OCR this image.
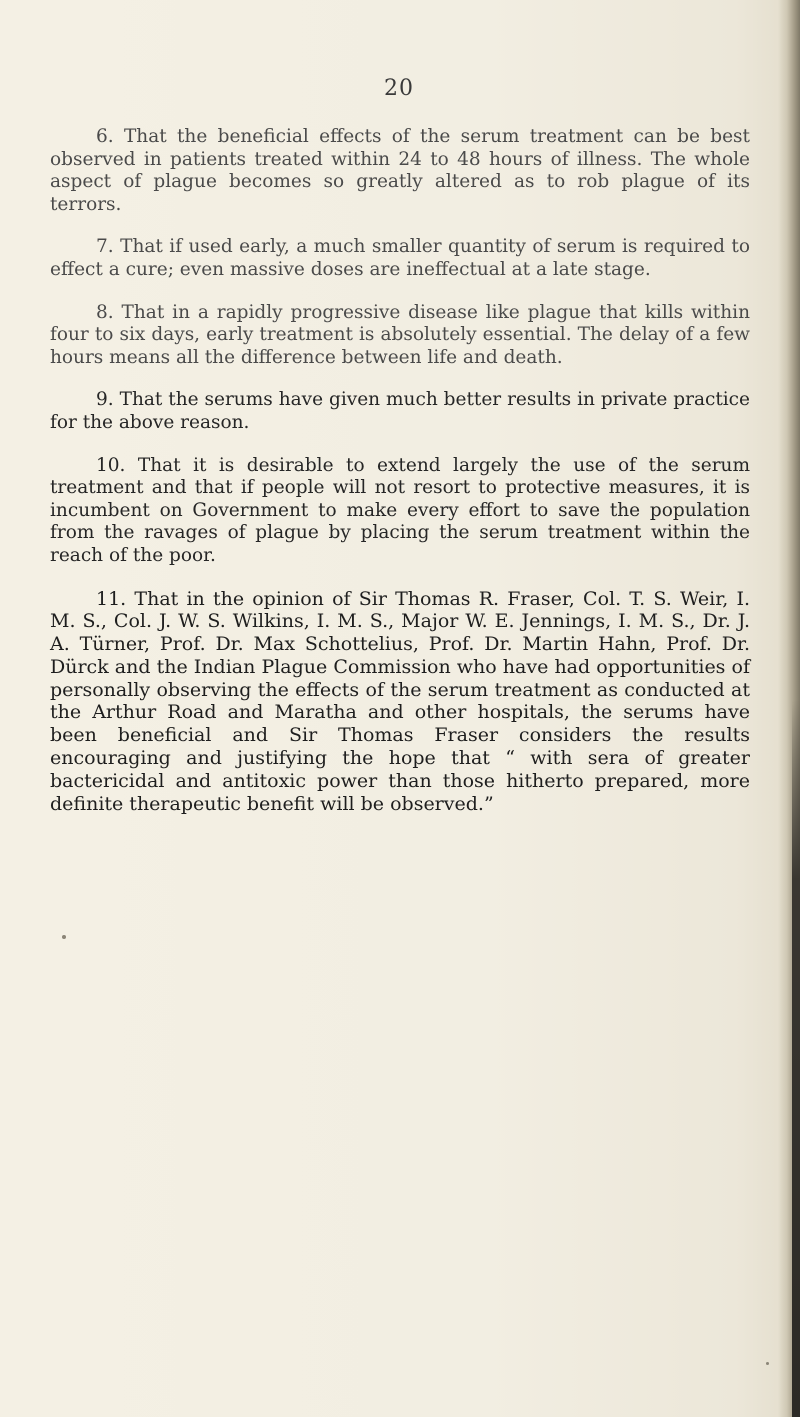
20

6. That the beneficial effects of the serum treatment can be best observed in patients treated within 24 to 48 hours of illness. The whole aspect of plague becomes so greatly altered as to rob plague of its terrors.

7. That if used early, a much smaller quantity of serum is required to effect a cure; even massive doses are ineffectual at a late stage.

8. That in a rapidly progressive disease like plague that kills within four to six days, early treatment is absolutely essential. The delay of a few hours means all the difference between life and death.

9. That the serums have given much better results in private practice for the above reason.

10. That it is desirable to extend largely the use of the serum treatment and that if people will not resort to protective measures, it is incumbent on Government to make every effort to save the population from the ravages of plague by placing the serum treatment within the reach of the poor.

11. That in the opinion of Sir Thomas R. Fraser, Col. T. S. Weir, I. M. S., Col. J. W. S. Wilkins, I. M. S., Major W. E. Jennings, I. M. S., Dr. J. A. Türner, Prof. Dr. Max Schottelius, Prof. Dr. Martin Hahn, Prof. Dr. Dürck and the Indian Plague Commission who have had opportunities of personally observing the effects of the serum treatment as conducted at the Arthur Road and Maratha and other hospitals, the serums have been beneficial and Sir Thomas Fraser considers the results encouraging and justifying the hope that “ with sera of greater bactericidal and antitoxic power than those hitherto prepared, more definite therapeutic benefit will be observed.”
